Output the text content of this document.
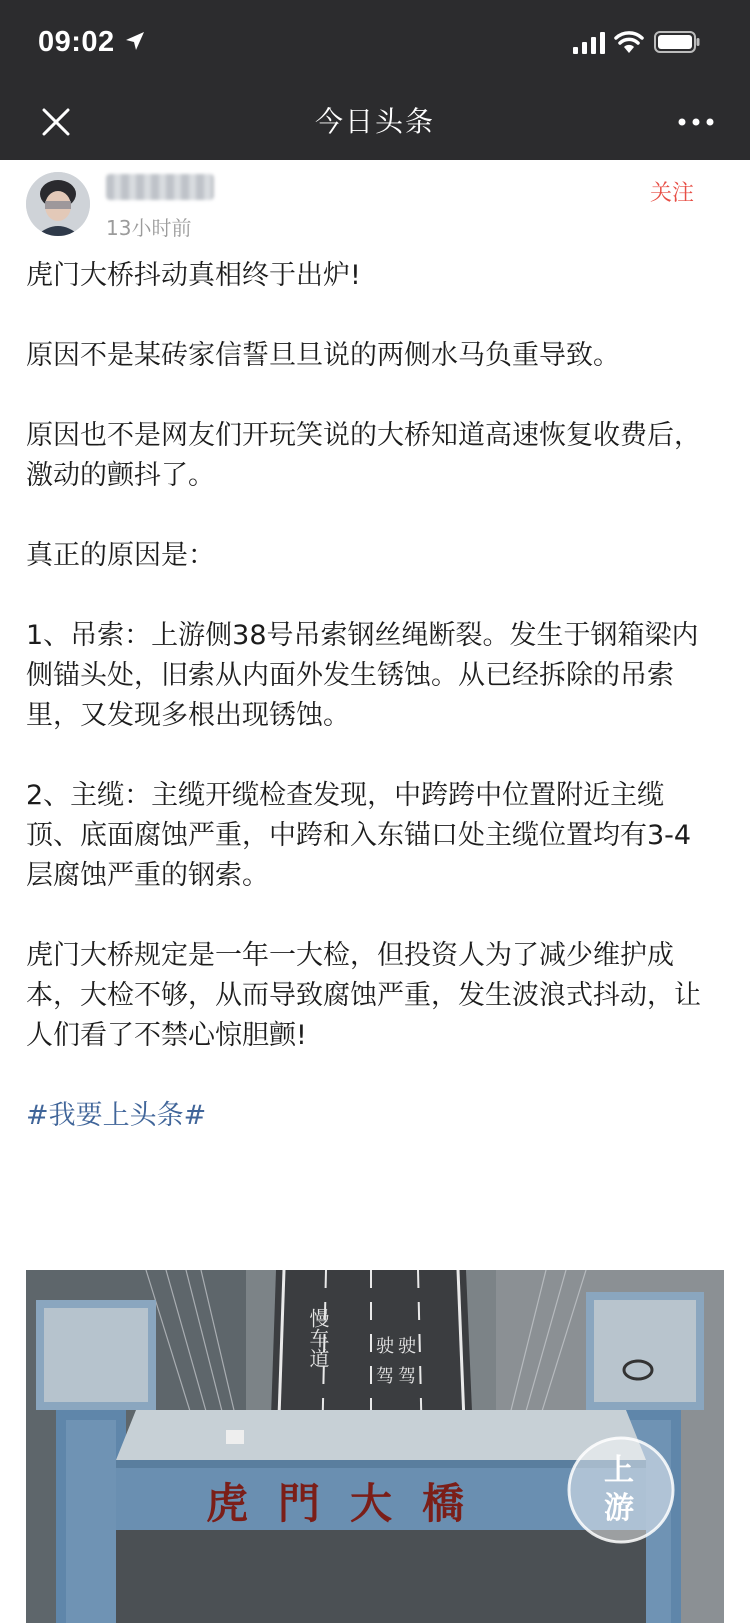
09:02
今日头条
13小时前
关注

虎门大桥抖动真相终于出炉!

原因不是某砖家信誓旦旦说的两侧水马负重导致。

原因也不是网友们开玩笑说的大桥知道高速恢复收费后，激动的颤抖了。

真正的原因是：

1、吊索：上游侧38号吊索钢丝绳断裂。发生于钢箱梁内侧锚头处，旧索从内面外发生锈蚀。从已经拆除的吊索里，又发现多根出现锈蚀。

2、主缆：主缆开缆检查发现，中跨跨中位置附近主缆顶、底面腐蚀严重，中跨和入东锚口处主缆位置均有3-4层腐蚀严重的钢索。

虎门大桥规定是一年一大检，但投资人为了减少维护成本，大检不够，从而导致腐蚀严重，发生波浪式抖动，让人们看了不禁心惊胆颤!

#我要上头条#

慢车道	驶
驾
驶
驾
虎門大橋
上
游
